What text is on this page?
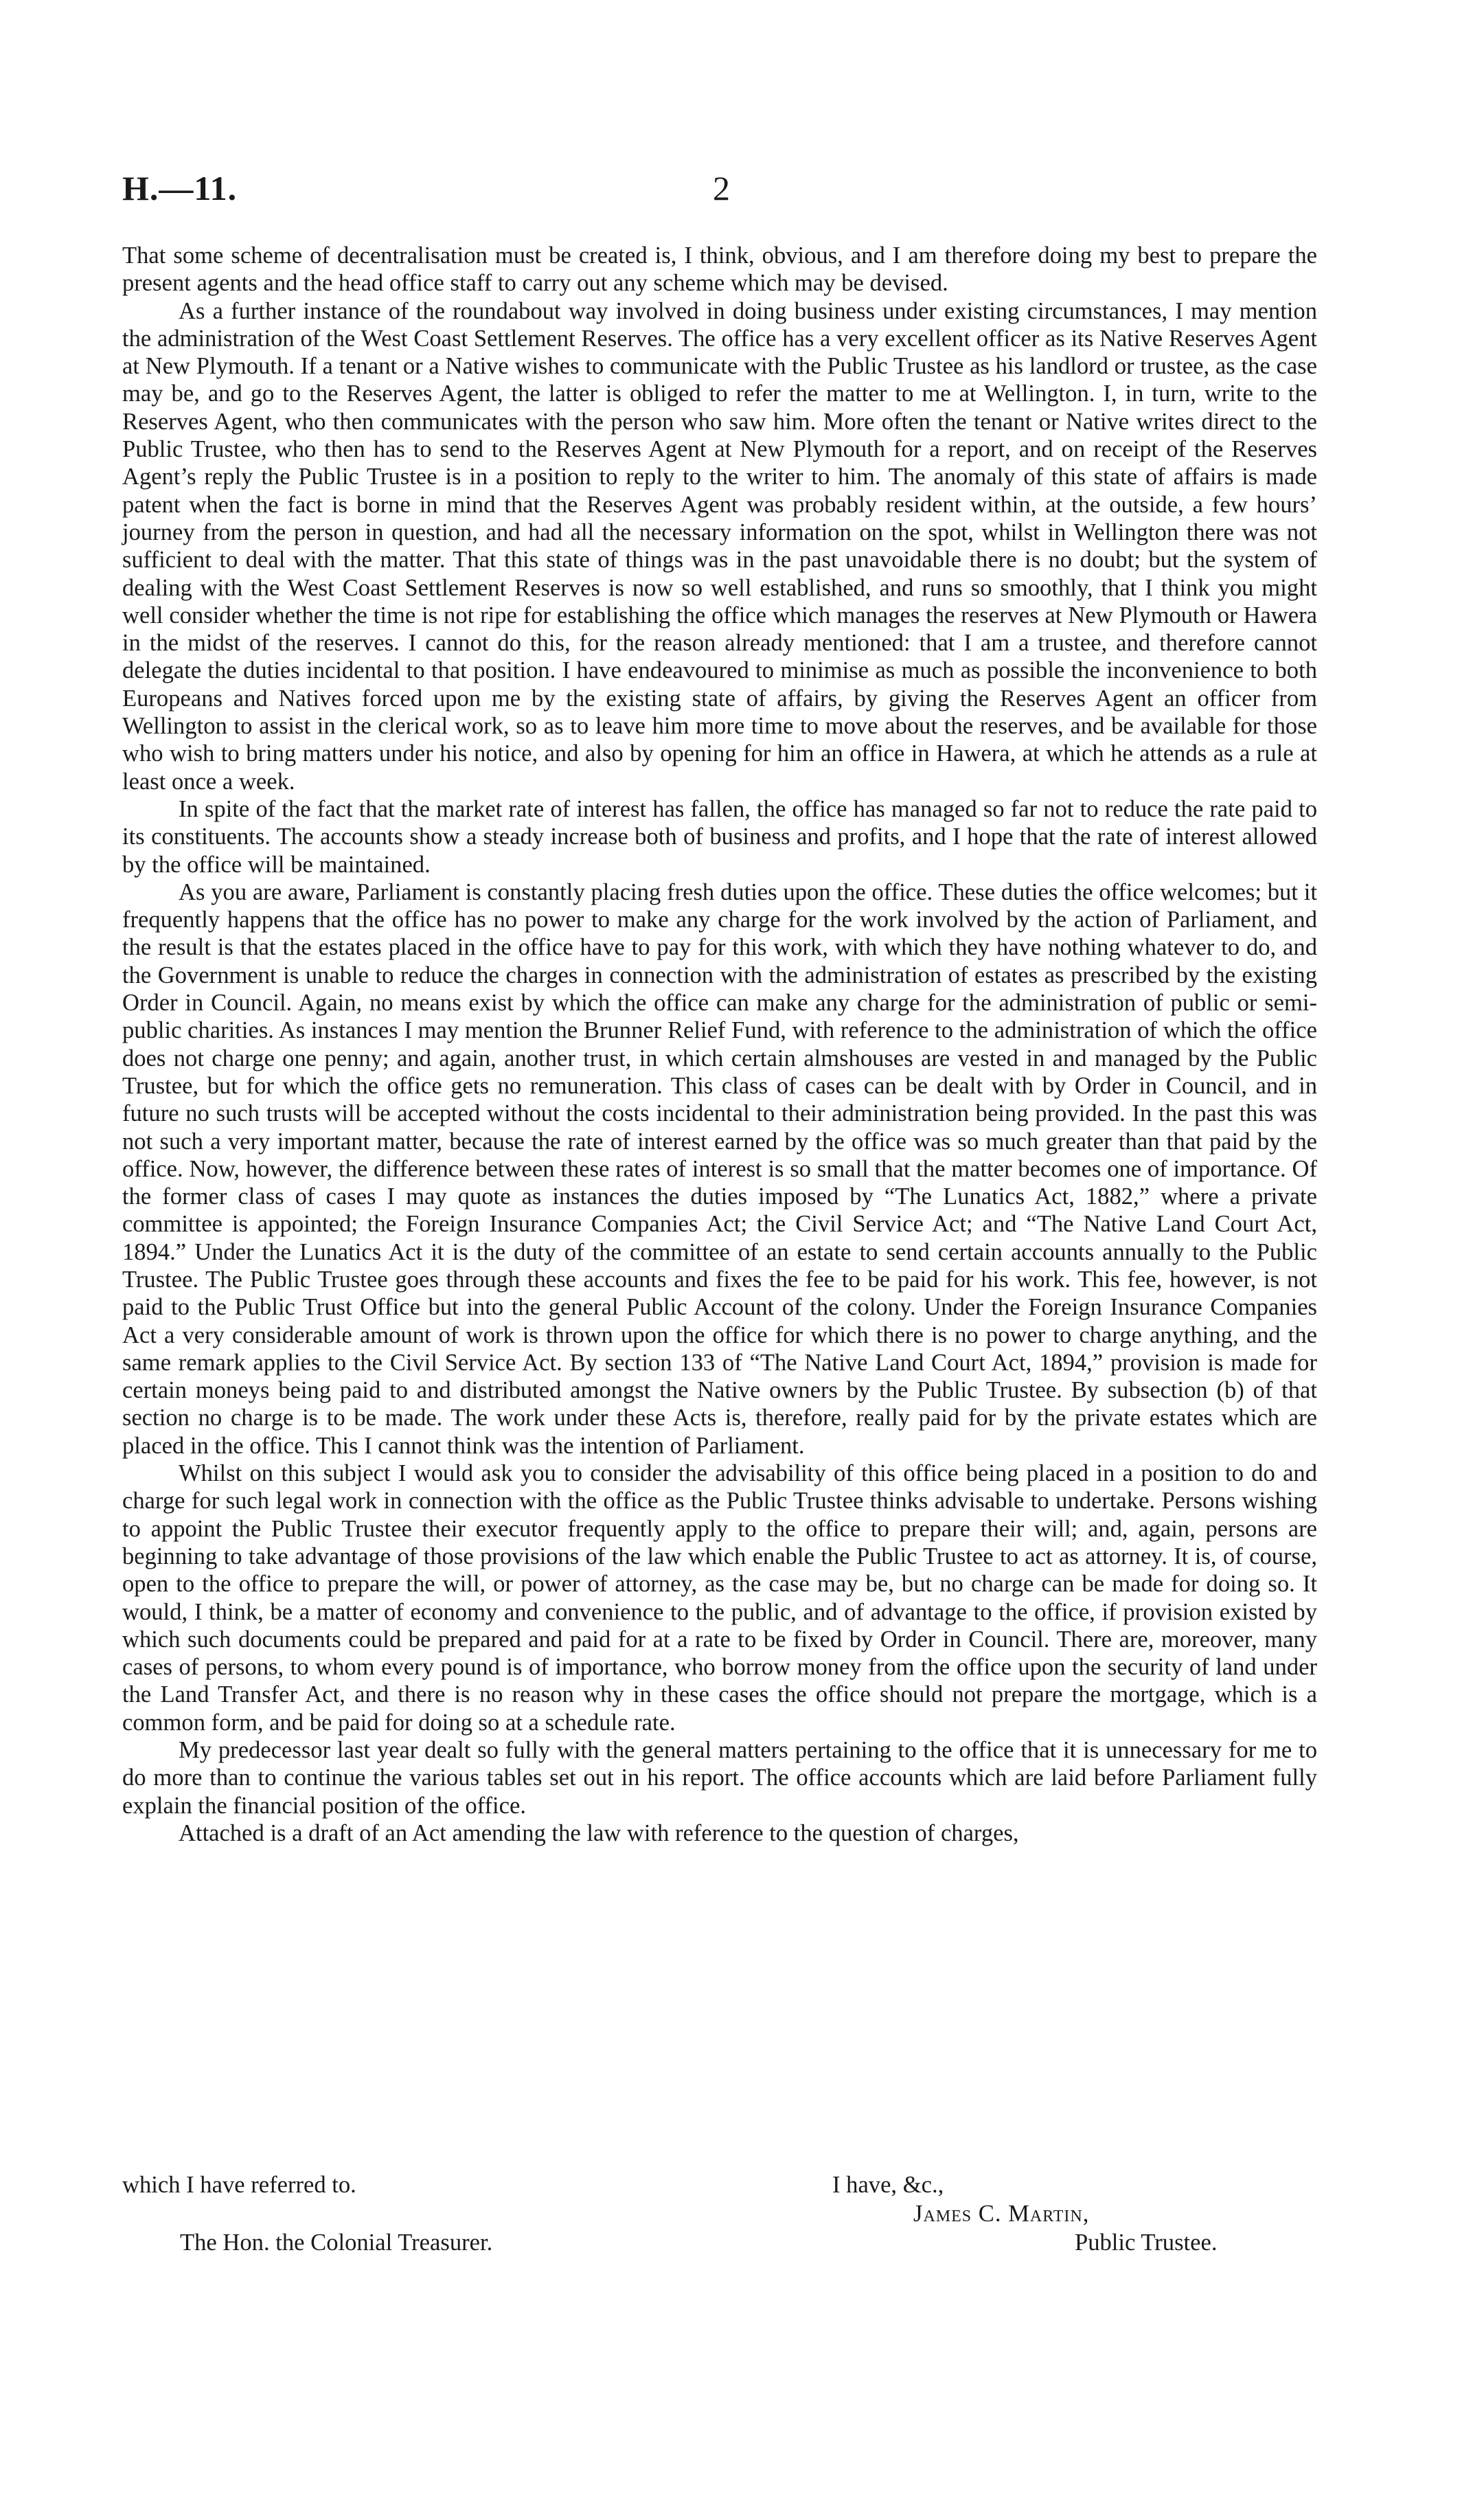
H.—11.	2

That some scheme of decentralisation must be created is, I think, obvious, and I am therefore doing my best to prepare the present agents and the head office staff to carry out any scheme which may be devised.

As a further instance of the roundabout way involved in doing business under existing circumstances, I may mention the administration of the West Coast Settlement Reserves. The office has a very excellent officer as its Native Reserves Agent at New Plymouth. If a tenant or a Native wishes to communicate with the Public Trustee as his landlord or trustee, as the case may be, and go to the Reserves Agent, the latter is obliged to refer the matter to me at Wellington. I, in turn, write to the Reserves Agent, who then communicates with the person who saw him. More often the tenant or Native writes direct to the Public Trustee, who then has to send to the Reserves Agent at New Plymouth for a report, and on receipt of the Reserves Agent’s reply the Public Trustee is in a position to reply to the writer to him. The anomaly of this state of affairs is made patent when the fact is borne in mind that the Reserves Agent was probably resident within, at the outside, a few hours’ journey from the person in question, and had all the necessary information on the spot, whilst in Wellington there was not sufficient to deal with the matter. That this state of things was in the past unavoidable there is no doubt; but the system of dealing with the West Coast Settlement Reserves is now so well established, and runs so smoothly, that I think you might well consider whether the time is not ripe for establishing the office which manages the reserves at New Plymouth or Hawera in the midst of the reserves. I cannot do this, for the reason already mentioned: that I am a trustee, and therefore cannot delegate the duties incidental to that position. I have endeavoured to minimise as much as possible the inconvenience to both Europeans and Natives forced upon me by the existing state of affairs, by giving the Reserves Agent an officer from Wellington to assist in the clerical work, so as to leave him more time to move about the reserves, and be available for those who wish to bring matters under his notice, and also by opening for him an office in Hawera, at which he attends as a rule at least once a week.

In spite of the fact that the market rate of interest has fallen, the office has managed so far not to reduce the rate paid to its constituents. The accounts show a steady increase both of business and profits, and I hope that the rate of interest allowed by the office will be maintained.

As you are aware, Parliament is constantly placing fresh duties upon the office. These duties the office welcomes; but it frequently happens that the office has no power to make any charge for the work involved by the action of Parliament, and the result is that the estates placed in the office have to pay for this work, with which they have nothing whatever to do, and the Government is unable to reduce the charges in connection with the administration of estates as prescribed by the existing Order in Council. Again, no means exist by which the office can make any charge for the administration of public or semi-public charities. As instances I may mention the Brunner Relief Fund, with reference to the administration of which the office does not charge one penny; and again, another trust, in which certain almshouses are vested in and managed by the Public Trustee, but for which the office gets no remuneration. This class of cases can be dealt with by Order in Council, and in future no such trusts will be accepted without the costs incidental to their administration being provided. In the past this was not such a very important matter, because the rate of interest earned by the office was so much greater than that paid by the office. Now, however, the difference between these rates of interest is so small that the matter becomes one of importance. Of the former class of cases I may quote as instances the duties imposed by “The Lunatics Act, 1882,” where a private committee is appointed; the Foreign Insurance Companies Act; the Civil Service Act; and “The Native Land Court Act, 1894.” Under the Lunatics Act it is the duty of the committee of an estate to send certain accounts annually to the Public Trustee. The Public Trustee goes through these accounts and fixes the fee to be paid for his work. This fee, however, is not paid to the Public Trust Office but into the general Public Account of the colony. Under the Foreign Insurance Companies Act a very considerable amount of work is thrown upon the office for which there is no power to charge anything, and the same remark applies to the Civil Service Act. By section 133 of “The Native Land Court Act, 1894,” provision is made for certain moneys being paid to and distributed amongst the Native owners by the Public Trustee. By subsection (b) of that section no charge is to be made. The work under these Acts is, therefore, really paid for by the private estates which are placed in the office. This I cannot think was the intention of Parliament.

Whilst on this subject I would ask you to consider the advisability of this office being placed in a position to do and charge for such legal work in connection with the office as the Public Trustee thinks advisable to undertake. Persons wishing to appoint the Public Trustee their executor frequently apply to the office to prepare their will; and, again, persons are beginning to take advantage of those provisions of the law which enable the Public Trustee to act as attorney. It is, of course, open to the office to prepare the will, or power of attorney, as the case may be, but no charge can be made for doing so. It would, I think, be a matter of economy and convenience to the public, and of advantage to the office, if provision existed by which such documents could be prepared and paid for at a rate to be fixed by Order in Council. There are, moreover, many cases of persons, to whom every pound is of importance, who borrow money from the office upon the security of land under the Land Transfer Act, and there is no reason why in these cases the office should not prepare the mortgage, which is a common form, and be paid for doing so at a schedule rate.

My predecessor last year dealt so fully with the general matters pertaining to the office that it is unnecessary for me to do more than to continue the various tables set out in his report. The office accounts which are laid before Parliament fully explain the financial position of the office.

Attached is a draft of an Act amending the law with reference to the question of charges,

which I have referred to.	I have, &c.,
James C. Martin,
The Hon. the Colonial Treasurer.	Public Trustee.
